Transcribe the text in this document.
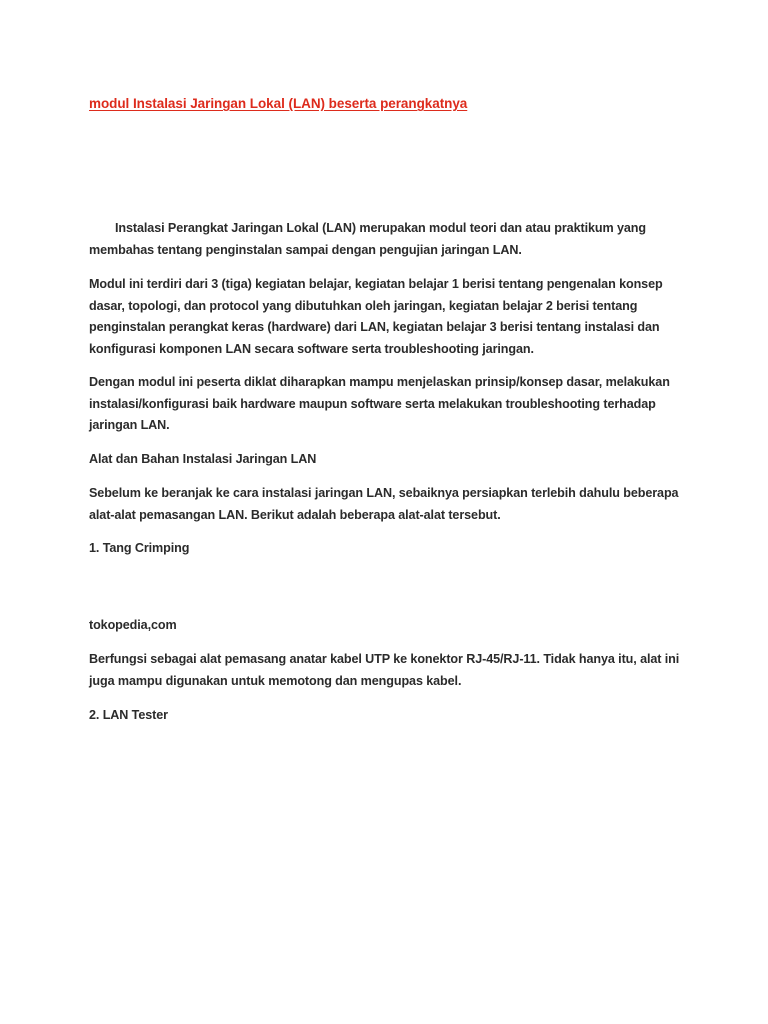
modul Instalasi Jaringan Lokal (LAN) beserta perangkatnya

Instalasi Perangkat Jaringan Lokal (LAN) merupakan modul teori dan atau praktikum yang membahas tentang penginstalan sampai dengan pengujian jaringan LAN.

Modul ini terdiri dari 3 (tiga) kegiatan belajar, kegiatan belajar 1 berisi tentang pengenalan konsep dasar, topologi, dan protocol yang dibutuhkan oleh jaringan, kegiatan belajar 2 berisi tentang penginstalan perangkat keras (hardware) dari LAN, kegiatan belajar 3 berisi tentang instalasi dan konfigurasi komponen LAN secara software serta troubleshooting jaringan.

Dengan modul ini peserta diklat diharapkan mampu menjelaskan prinsip/konsep dasar, melakukan instalasi/konfigurasi baik hardware maupun software serta melakukan troubleshooting terhadap jaringan LAN.

Alat dan Bahan Instalasi Jaringan LAN

Sebelum ke beranjak ke cara instalasi jaringan LAN, sebaiknya persiapkan terlebih dahulu beberapa alat-alat pemasangan LAN. Berikut adalah beberapa alat-alat tersebut.

1. Tang Crimping

tokopedia,com

Berfungsi sebagai alat pemasang anatar kabel UTP ke konektor RJ-45/RJ-11. Tidak hanya itu, alat ini juga mampu digunakan untuk memotong dan mengupas kabel.

2. LAN Tester
